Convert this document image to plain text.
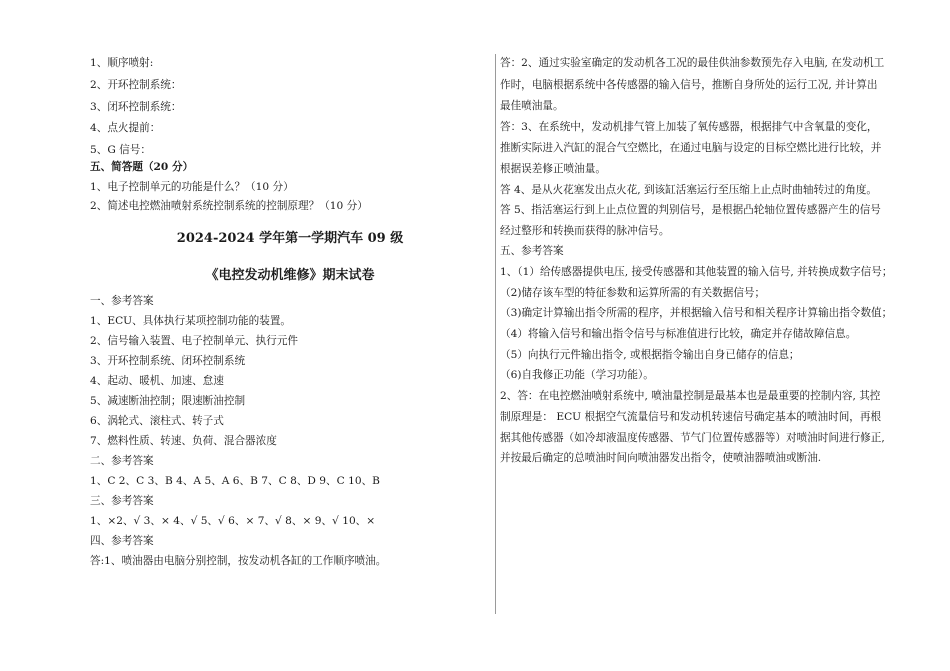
1、顺序喷射:
2、开环控制系统：
3、闭环控制系统：
4、点火提前：
5、G 信号：
五、简答题（20 分）
1、电子控制单元的功能是什么？（10 分）
2、简述电控燃油喷射系统控制系统的控制原理？（10 分）
2024-2024 学年第一学期汽车 09 级
《电控发动机维修》期末试卷
一、参考答案
1、ECU、具体执行某项控制功能的装置。
2、信号输入装置、电子控制单元、执行元件
3、开环控制系统、闭环控制系统
4、起动、暖机、加速、怠速
5、减速断油控制；限速断油控制
6、涡轮式、滚柱式、转子式
7、燃料性质、转速、负荷、混合器浓度
二、参考答案
1、C 2、C 3、B 4、A 5、A 6、B 7、C 8、D 9、C 10、B
三、参考答案
1、×2、√ 3、× 4、√ 5、√ 6、× 7、√ 8、× 9、√ 10、×
四、参考答案
答:1、喷油器由电脑分别控制，按发动机各缸的工作顺序喷油。
答：2、通过实验室确定的发动机各工况的最佳供油参数预先存入电脑, 在发动机工
作时，电脑根据系统中各传感器的输入信号，推断自身所处的运行工况, 并计算出
最佳喷油量。
答：3、在系统中，发动机排气管上加装了氧传感器，根据排气中含氧量的变化，
推断实际进入汽缸的混合气空燃比，在通过电脑与设定的目标空燃比进行比较，并
根据误差修正喷油量。
答 4、是从火花塞发出点火花, 到该缸活塞运行至压缩上止点时曲轴转过的角度。
答 5、指活塞运行到上止点位置的判别信号，是根据凸轮轴位置传感器产生的信号
经过整形和转换而获得的脉冲信号。
五、参考答案
1、（1）给传感器提供电压, 接受传感器和其他装置的输入信号, 并转换成数字信号；
（2)储存该车型的特征参数和运算所需的有关数据信号；
（3)确定计算输出指令所需的程序，并根据输入信号和相关程序计算输出指令数值；
（4）将输入信号和输出指令信号与标准值进行比较，确定并存储故障信息。
（5）向执行元件输出指令, 或根据指令输出自身已储存的信息；
（6)自我修正功能（学习功能）。
2、答：在电控燃油喷射系统中, 喷油量控制是最基本也是最重要的控制内容, 其控
制原理是： ECU 根据空气流量信号和发动机转速信号确定基本的喷油时间，再根
据其他传感器（如冷却液温度传感器、节气门位置传感器等）对喷油时间进行修正,
并按最后确定的总喷油时间向喷油器发出指令，使喷油器喷油或断油.
